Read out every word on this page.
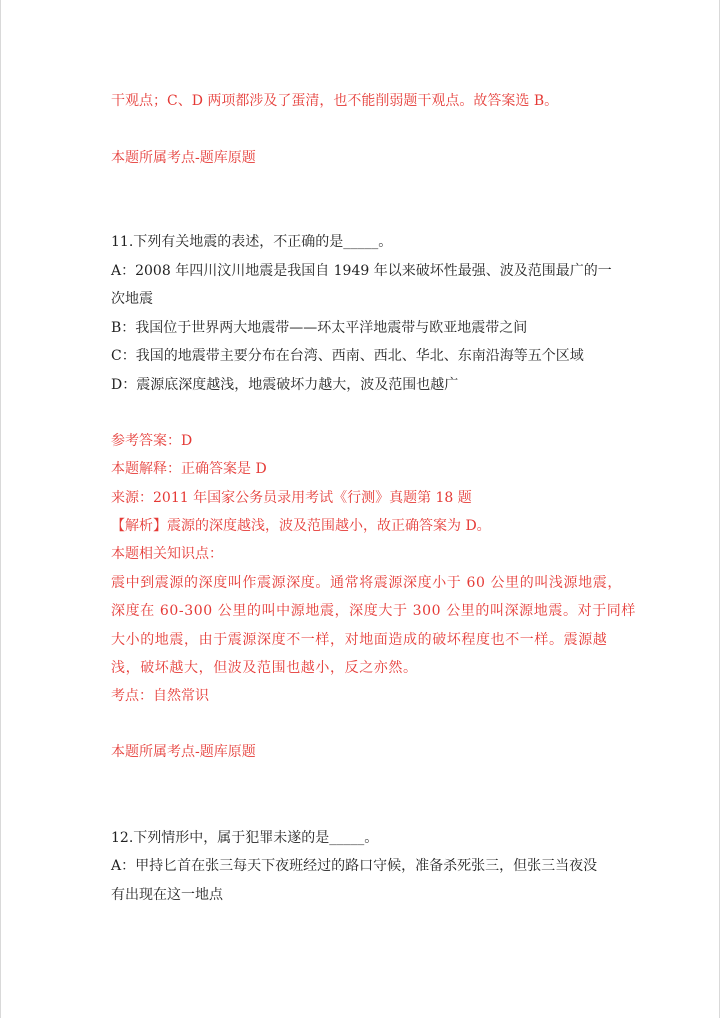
干观点；C、D 两项都涉及了蛋清，也不能削弱题干观点。故答案选 B。

本题所属考点-题库原题

11.下列有关地震的表述，不正确的是_____。

A：2008 年四川汶川地震是我国自 1949 年以来破坏性最强、波及范围最广的一

次地震

B：我国位于世界两大地震带——环太平洋地震带与欧亚地震带之间

C：我国的地震带主要分布在台湾、西南、西北、华北、东南沿海等五个区域

D：震源底深度越浅，地震破坏力越大，波及范围也越广

参考答案：D

本题解释：正确答案是 D

来源：2011 年国家公务员录用考试《行测》真题第 18 题

【解析】震源的深度越浅，波及范围越小，故正确答案为 D。

本题相关知识点：

震中到震源的深度叫作震源深度。通常将震源深度小于 60 公里的叫浅源地震，

深度在 60-300 公里的叫中源地震，深度大于 300 公里的叫深源地震。对于同样

大小的地震，由于震源深度不一样，对地面造成的破坏程度也不一样。震源越

浅，破坏越大，但波及范围也越小，反之亦然。

考点：自然常识

本题所属考点-题库原题

12.下列情形中，属于犯罪未遂的是_____。

A：甲持匕首在张三每天下夜班经过的路口守候，准备杀死张三，但张三当夜没

有出现在这一地点
